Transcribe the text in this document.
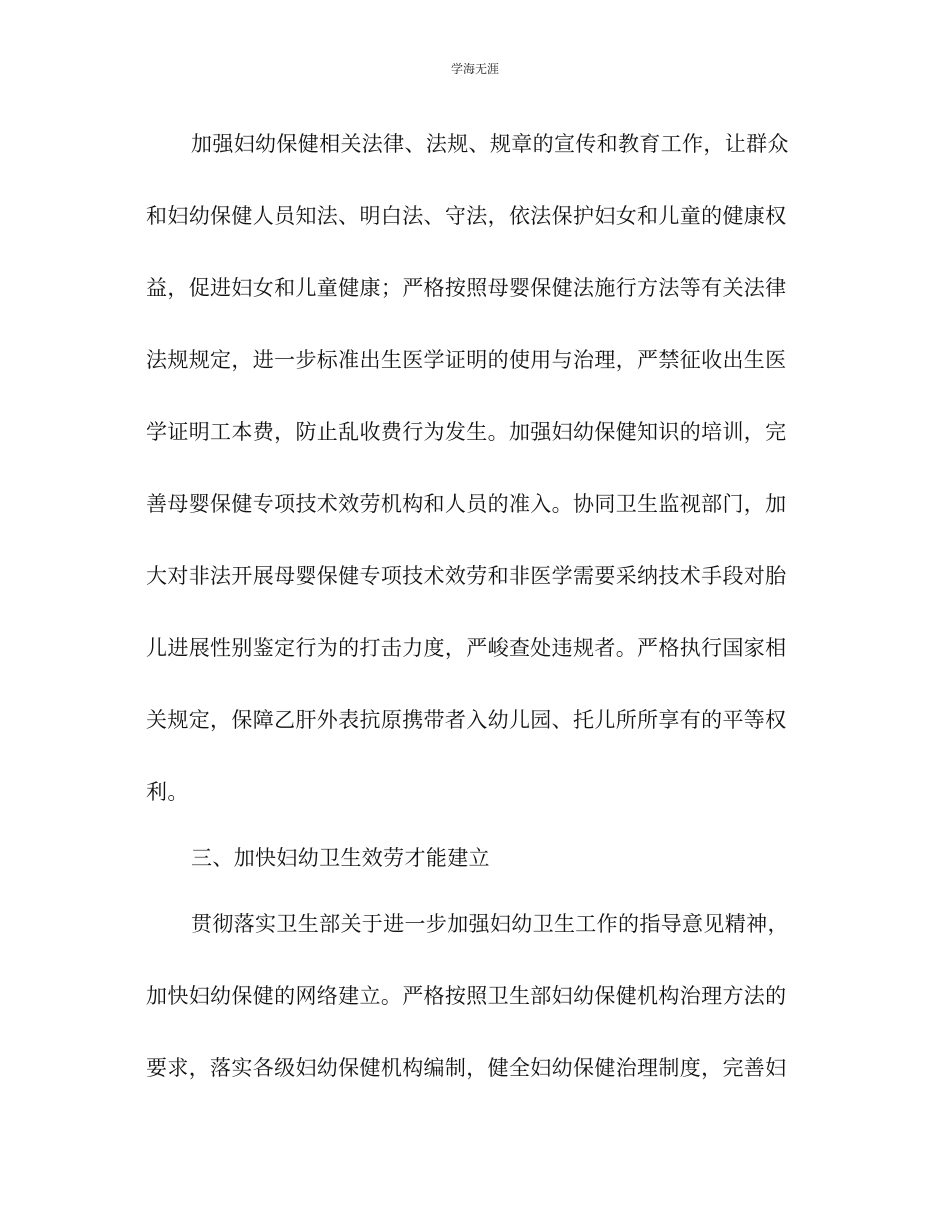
学海无涯
加强妇幼保健相关法律、法规、规章的宣传和教育工作，让群众
和妇幼保健人员知法、明白法、守法，依法保护妇女和儿童的健康权
益，促进妇女和儿童健康；严格按照母婴保健法施行方法等有关法律
法规规定，进一步标准出生医学证明的使用与治理，严禁征收出生医
学证明工本费，防止乱收费行为发生。加强妇幼保健知识的培训，完
善母婴保健专项技术效劳机构和人员的准入。协同卫生监视部门，加
大对非法开展母婴保健专项技术效劳和非医学需要采纳技术手段对胎
儿进展性别鉴定行为的打击力度，严峻查处违规者。严格执行国家相
关规定，保障乙肝外表抗原携带者入幼儿园、托儿所所享有的平等权
利。
三、加快妇幼卫生效劳才能建立
贯彻落实卫生部关于进一步加强妇幼卫生工作的指导意见精神，
加快妇幼保健的网络建立。严格按照卫生部妇幼保健机构治理方法的
要求，落实各级妇幼保健机构编制，健全妇幼保健治理制度，完善妇
